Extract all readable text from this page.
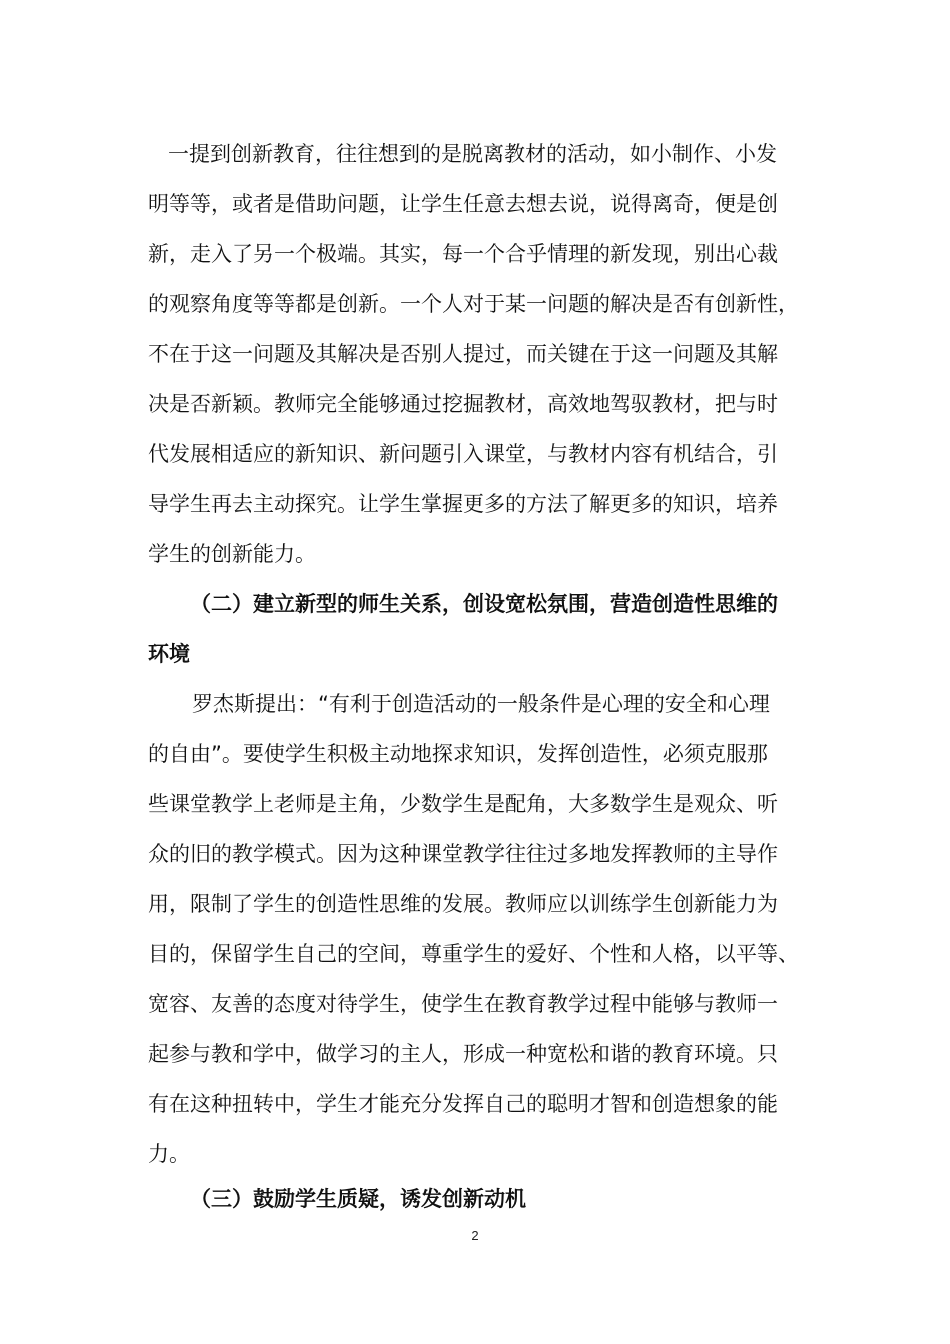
一提到创新教育，往往想到的是脱离教材的活动，如小制作、小发
明等等，或者是借助问题，让学生任意去想去说，说得离奇，便是创
新，走入了另一个极端。其实，每一个合乎情理的新发现，别出心裁
的观察角度等等都是创新。一个人对于某一问题的解决是否有创新性，
不在于这一问题及其解决是否别人提过，而关键在于这一问题及其解
决是否新颖。教师完全能够通过挖掘教材，高效地驾驭教材，把与时
代发展相适应的新知识、新问题引入课堂，与教材内容有机结合，引
导学生再去主动探究。让学生掌握更多的方法了解更多的知识，培养
学生的创新能力。
（二）建立新型的师生关系，创设宽松氛围，营造创造性思维的
环境
罗杰斯提出：“有利于创造活动的一般条件是心理的安全和心理
的自由”。要使学生积极主动地探求知识，发挥创造性，必须克服那
些课堂教学上老师是主角，少数学生是配角，大多数学生是观众、听
众的旧的教学模式。因为这种课堂教学往往过多地发挥教师的主导作
用，限制了学生的创造性思维的发展。教师应以训练学生创新能力为
目的，保留学生自己的空间，尊重学生的爱好、个性和人格，以平等、
宽容、友善的态度对待学生，使学生在教育教学过程中能够与教师一
起参与教和学中，做学习的主人，形成一种宽松和谐的教育环境。只
有在这种扭转中，学生才能充分发挥自己的聪明才智和创造想象的能
力。
（三）鼓励学生质疑，诱发创新动机
2
